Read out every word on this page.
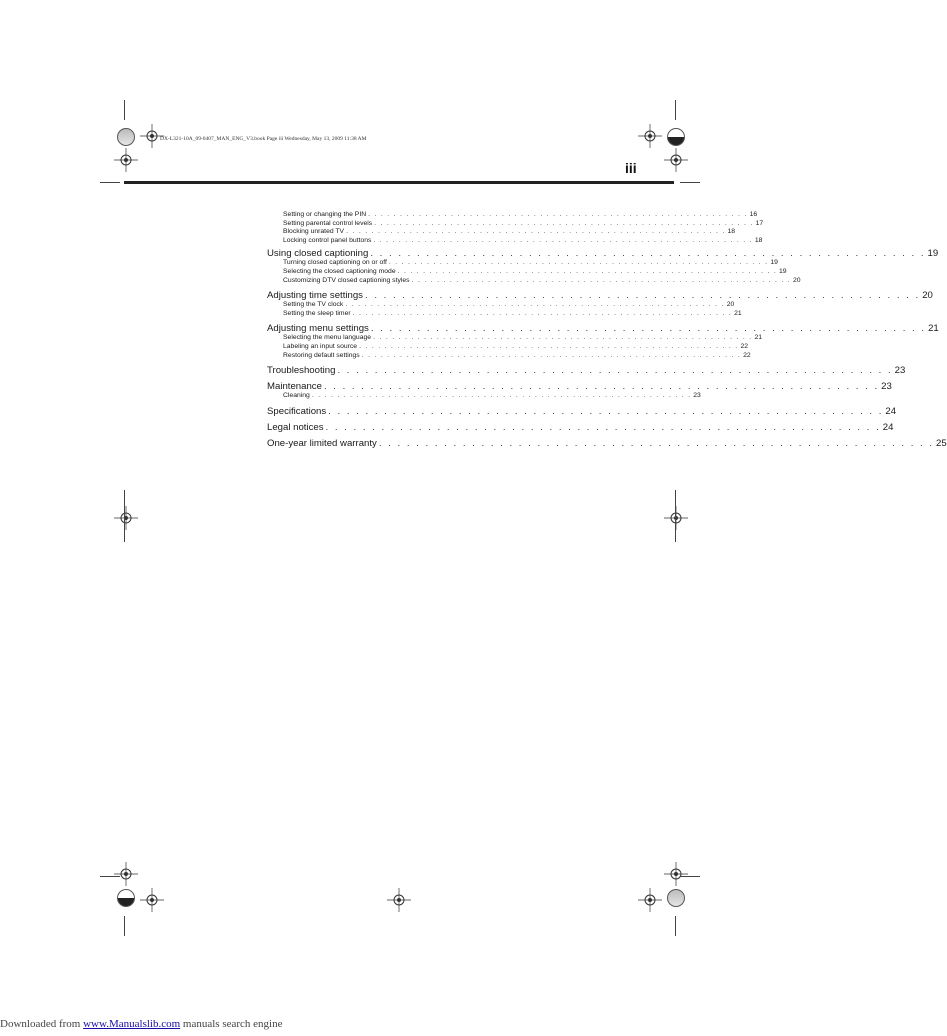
DX-L321-10A_09-0407_MAN_ENG_V3.book Page iii Wednesday, May 13, 2009 11:38 AM
iii
Setting or changing the PIN . . . . . . . . . . . . . . . . . . . . . . . . . . . . . . . . . . . . . . . . . . . . . . . . . . . . . . . . . . . . 16
Setting parental control levels . . . . . . . . . . . . . . . . . . . . . . . . . . . . . . . . . . . . . . . . . . . . . . . . . . . . . . . . . . . . 17
Blocking unrated TV . . . . . . . . . . . . . . . . . . . . . . . . . . . . . . . . . . . . . . . . . . . . . . . . . . . . . . . . . . . . 18
Locking control panel buttons . . . . . . . . . . . . . . . . . . . . . . . . . . . . . . . . . . . . . . . . . . . . . . . . . . . . . . . . . . . . 18
Using closed captioning . . . . . . . . . . . . . . . . . . . . . . . . . . . . . . . . . . . . . . . . . . . . . . . . . . . . . . . . . . . . 19
Turning closed captioning on or off . . . . . . . . . . . . . . . . . . . . . . . . . . . . . . . . . . . . . . . . . . . . . . . . . . . . . . . . . . . . 19
Selecting the closed captioning mode . . . . . . . . . . . . . . . . . . . . . . . . . . . . . . . . . . . . . . . . . . . . . . . . . . . . . . . . . . . . 19
Customizing DTV closed captioning styles . . . . . . . . . . . . . . . . . . . . . . . . . . . . . . . . . . . . . . . . . . . . . . . . . . . . . . . . . . . . 20
Adjusting time settings . . . . . . . . . . . . . . . . . . . . . . . . . . . . . . . . . . . . . . . . . . . . . . . . . . . . . . . . . . . . 20
Setting the TV clock . . . . . . . . . . . . . . . . . . . . . . . . . . . . . . . . . . . . . . . . . . . . . . . . . . . . . . . . . . . . 20
Setting the sleep timer . . . . . . . . . . . . . . . . . . . . . . . . . . . . . . . . . . . . . . . . . . . . . . . . . . . . . . . . . . . . 21
Adjusting menu settings . . . . . . . . . . . . . . . . . . . . . . . . . . . . . . . . . . . . . . . . . . . . . . . . . . . . . . . . . . . . 21
Selecting the menu language . . . . . . . . . . . . . . . . . . . . . . . . . . . . . . . . . . . . . . . . . . . . . . . . . . . . . . . . . . . . 21
Labeling an input source . . . . . . . . . . . . . . . . . . . . . . . . . . . . . . . . . . . . . . . . . . . . . . . . . . . . . . . . . . . . 22
Restoring default settings . . . . . . . . . . . . . . . . . . . . . . . . . . . . . . . . . . . . . . . . . . . . . . . . . . . . . . . . . . . . 22
Troubleshooting . . . . . . . . . . . . . . . . . . . . . . . . . . . . . . . . . . . . . . . . . . . . . . . . . . . . . . . . . . . . 23
Maintenance . . . . . . . . . . . . . . . . . . . . . . . . . . . . . . . . . . . . . . . . . . . . . . . . . . . . . . . . . . . . 23
Cleaning . . . . . . . . . . . . . . . . . . . . . . . . . . . . . . . . . . . . . . . . . . . . . . . . . . . . . . . . . . . . 23
Specifications . . . . . . . . . . . . . . . . . . . . . . . . . . . . . . . . . . . . . . . . . . . . . . . . . . . . . . . . . . . . 24
Legal notices . . . . . . . . . . . . . . . . . . . . . . . . . . . . . . . . . . . . . . . . . . . . . . . . . . . . . . . . . . . . 24
One-year limited warranty . . . . . . . . . . . . . . . . . . . . . . . . . . . . . . . . . . . . . . . . . . . . . . . . . . . . . . . . . . . . 25
Downloaded from www.Manualslib.com manuals search engine
